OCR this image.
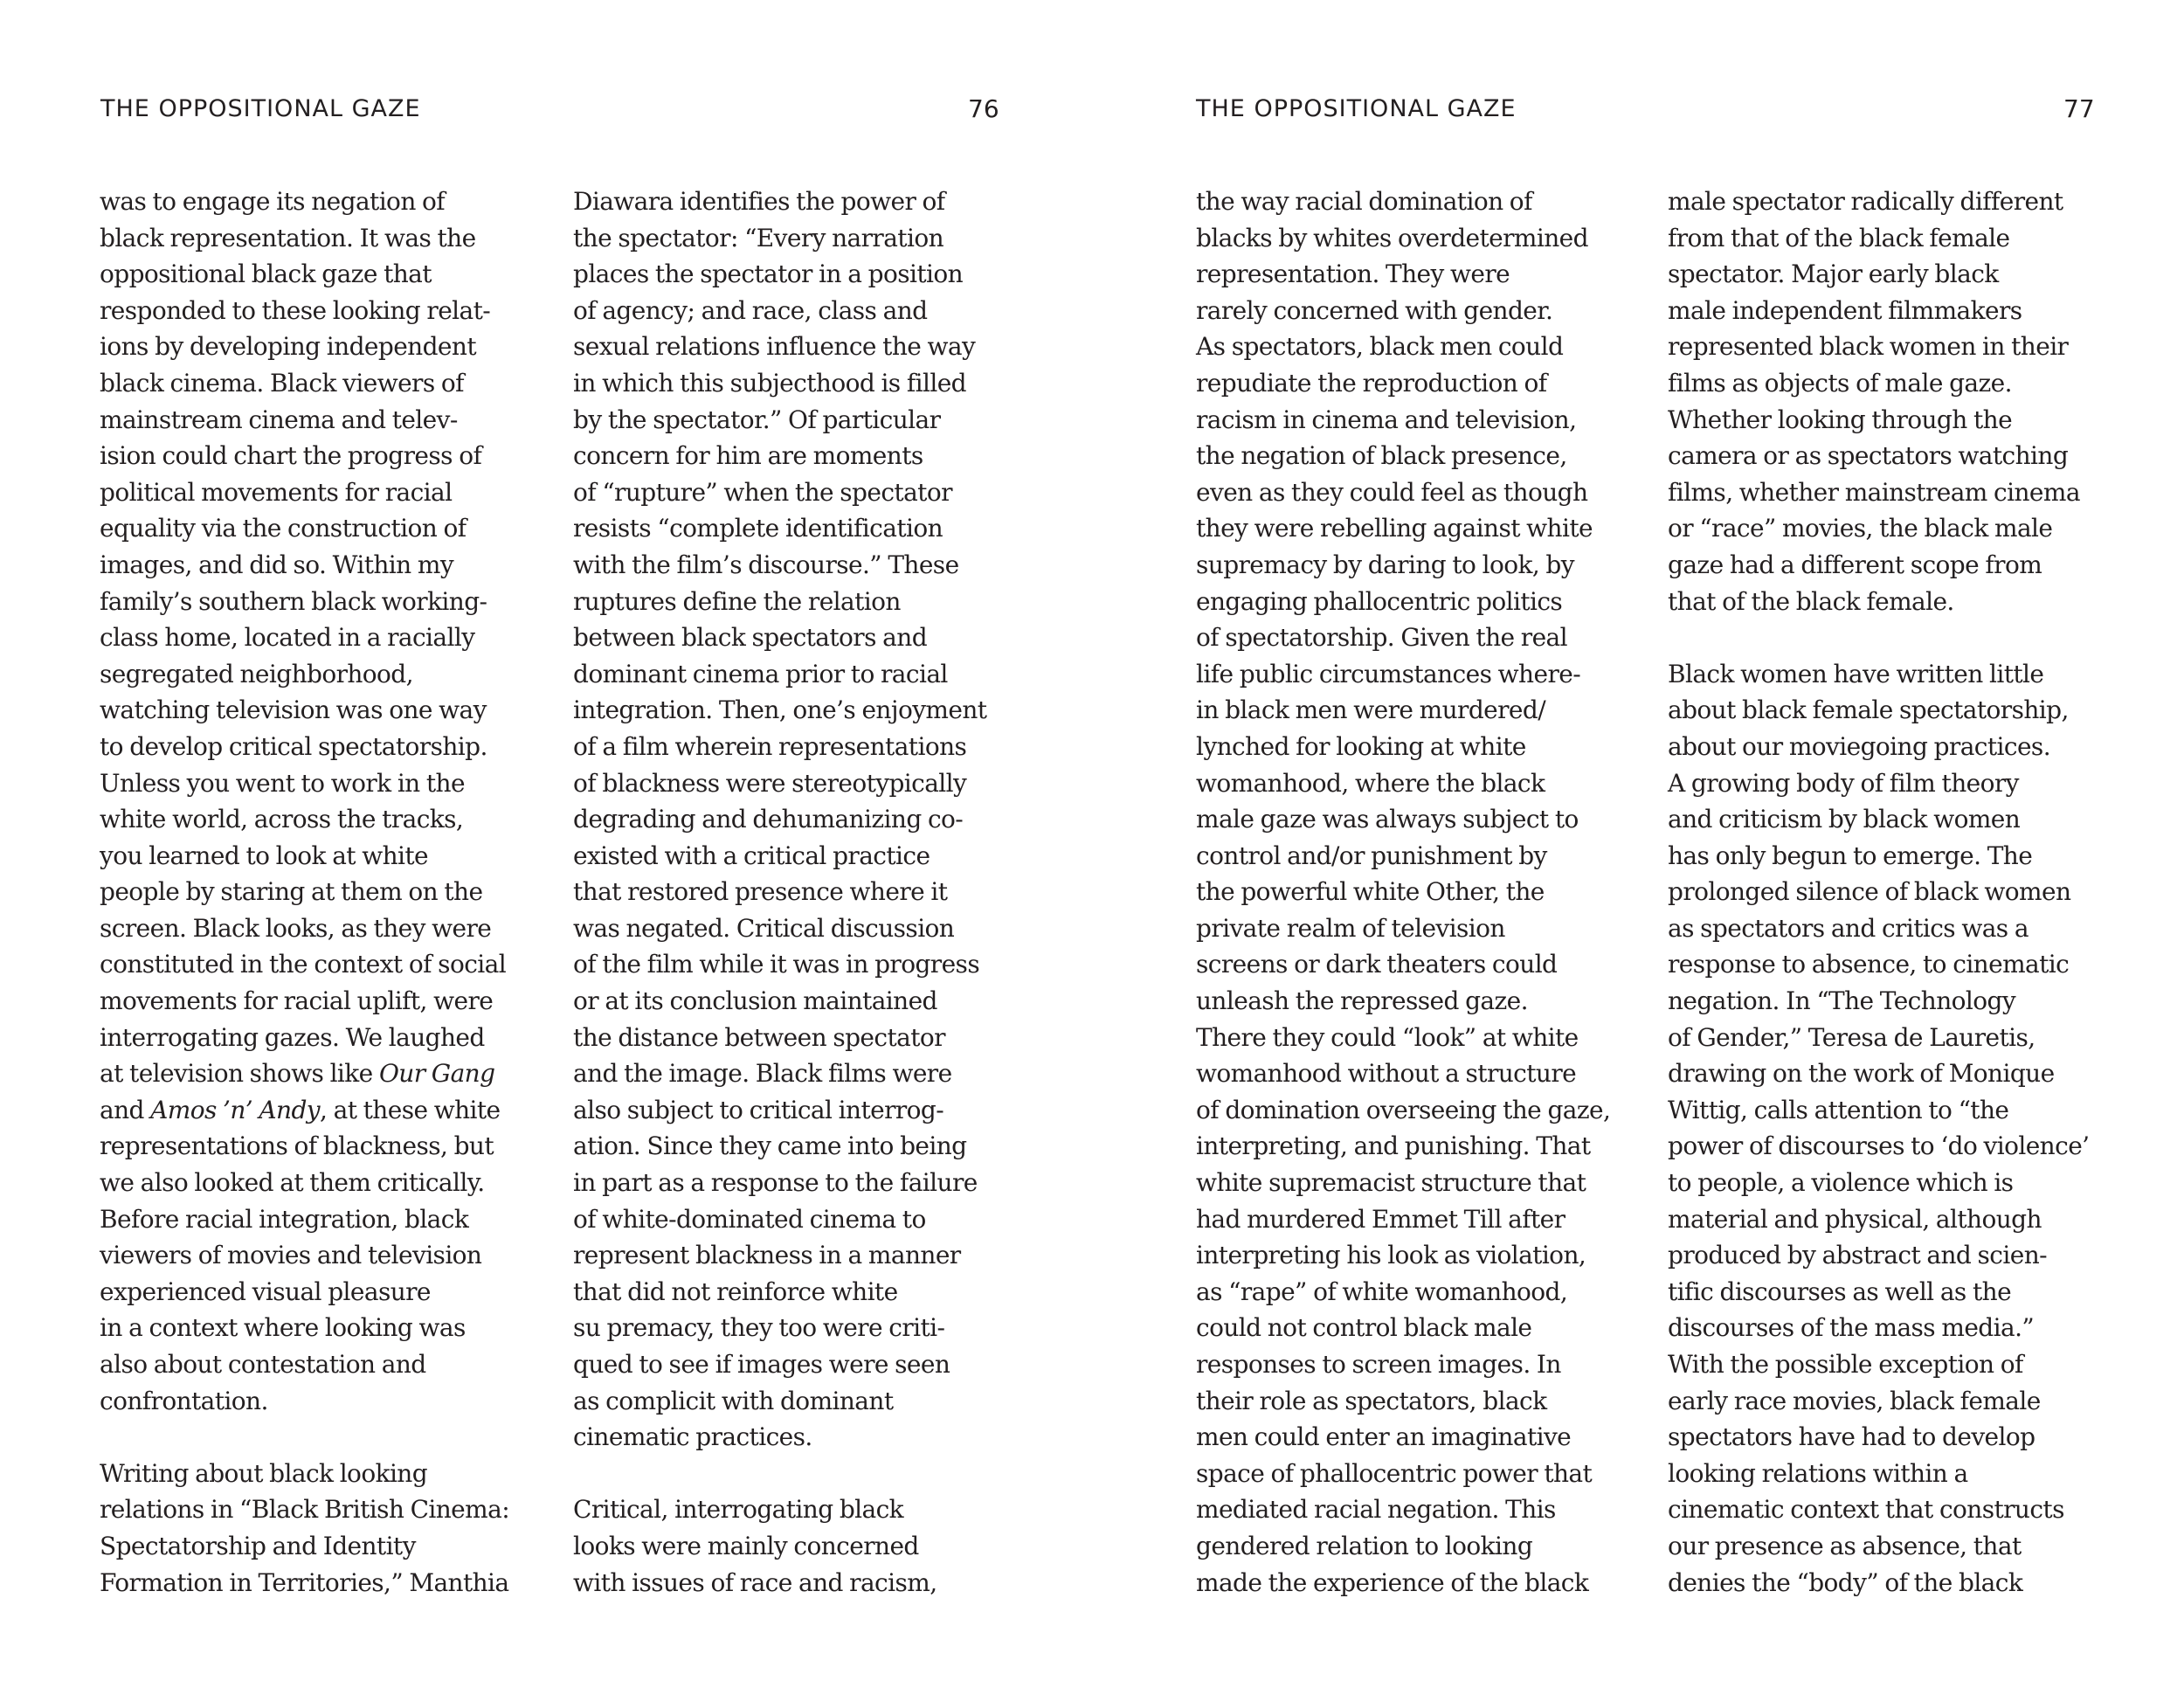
THE OPPOSITIONAL GAZE	76
was to engage its negation of
black representation. It was the
oppositional black gaze that
responded to these looking relat-
ions by developing independent
black cinema. Black viewers of
mainstream cinema and telev-
ision could chart the progress of
political movements for racial
equality via the construction of
images, and did so. Within my
family’s southern black working-
class home, located in a racially
segregated neighborhood,
watching television was one way
to develop critical spectatorship.
Unless you went to work in the
white world, across the tracks,
you learned to look at white
people by staring at them on the
screen. Black looks, as they were
constituted in the context of social
movements for racial uplift, were
interrogating gazes. We laughed
at television shows like Our Gang
and Amos ’n’ Andy, at these white
representations of blackness, but
we also looked at them critically.
Before racial integration, black
viewers of movies and television
experienced visual pleasure
in a context where looking was
also about contestation and
confrontation.
Writing about black looking
relations in “Black British Cinema:
Spectatorship and Identity
Formation in Territories,” Manthia
Diawara identifies the power of
the spectator: “Every narration
places the spectator in a position
of agency; and race, class and
sexual relations influence the way
in which this subjecthood is filled
by the spectator.” Of particular
concern for him are moments
of “rupture” when the spectator
resists “complete identification
with the film’s discourse.” These
ruptures define the relation
between black spectators and
dominant cinema prior to racial
integration. Then, one’s enjoyment
of a film wherein representations
of blackness were stereotypically
degrading and dehumanizing co-
existed with a critical practice
that restored presence where it
was negated. Critical discussion
of the film while it was in progress
or at its conclusion maintained
the distance between spectator
and the image. Black films were
also subject to critical interrog-
ation. Since they came into being
in part as a response to the failure
of white-dominated cinema to
represent blackness in a manner
that did not reinforce white
su premacy, they too were criti-
qued to see if images were seen
as complicit with dominant
cinematic practices.
Critical, interrogating black
looks were mainly concerned
with issues of race and racism,
THE OPPOSITIONAL GAZE	77
the way racial domination of
blacks by whites overdetermined
representation. They were
rarely concerned with gender.
As spectators, black men could
repudiate the reproduction of
racism in cinema and television,
the negation of black presence,
even as they could feel as though
they were rebelling against white
supremacy by daring to look, by
engaging phallocentric politics
of spectatorship. Given the real
life public circumstances where-
in black men were murdered/
lynched for looking at white
womanhood, where the black
male gaze was always subject to
control and/or punishment by
the powerful white Other, the
private realm of television
screens or dark theaters could
unleash the repressed gaze.
There they could “look” at white
womanhood without a structure
of domination overseeing the gaze,
interpreting, and punishing. That
white supremacist structure that
had murdered Emmet Till after
interpreting his look as violation,
as “rape” of white womanhood,
could not control black male
responses to screen images. In
their role as spectators, black
men could enter an imaginative
space of phallocentric power that
mediated racial negation. This
gendered relation to looking
made the experience of the black
male spectator radically different
from that of the black female
spectator. Major early black
male independent filmmakers
represented black women in their
films as objects of male gaze.
Whether looking through the
camera or as spectators watching
films, whether mainstream cinema
or “race” movies, the black male
gaze had a different scope from
that of the black female.
Black women have written little
about black female spectatorship,
about our moviegoing practices.
A growing body of film theory
and criticism by black women
has only begun to emerge. The
prolonged silence of black women
as spectators and critics was a
response to absence, to cinematic
negation. In “The Technology
of Gender,” Teresa de Lauretis,
drawing on the work of Monique
Wittig, calls attention to “the
power of discourses to ‘do violence’
to people, a violence which is
material and physical, although
produced by abstract and scien-
tific discourses as well as the
discourses of the mass media.”
With the possible exception of
early race movies, black female
spectators have had to develop
looking relations within a
cinematic context that constructs
our presence as absence, that
denies the “body” of the black
